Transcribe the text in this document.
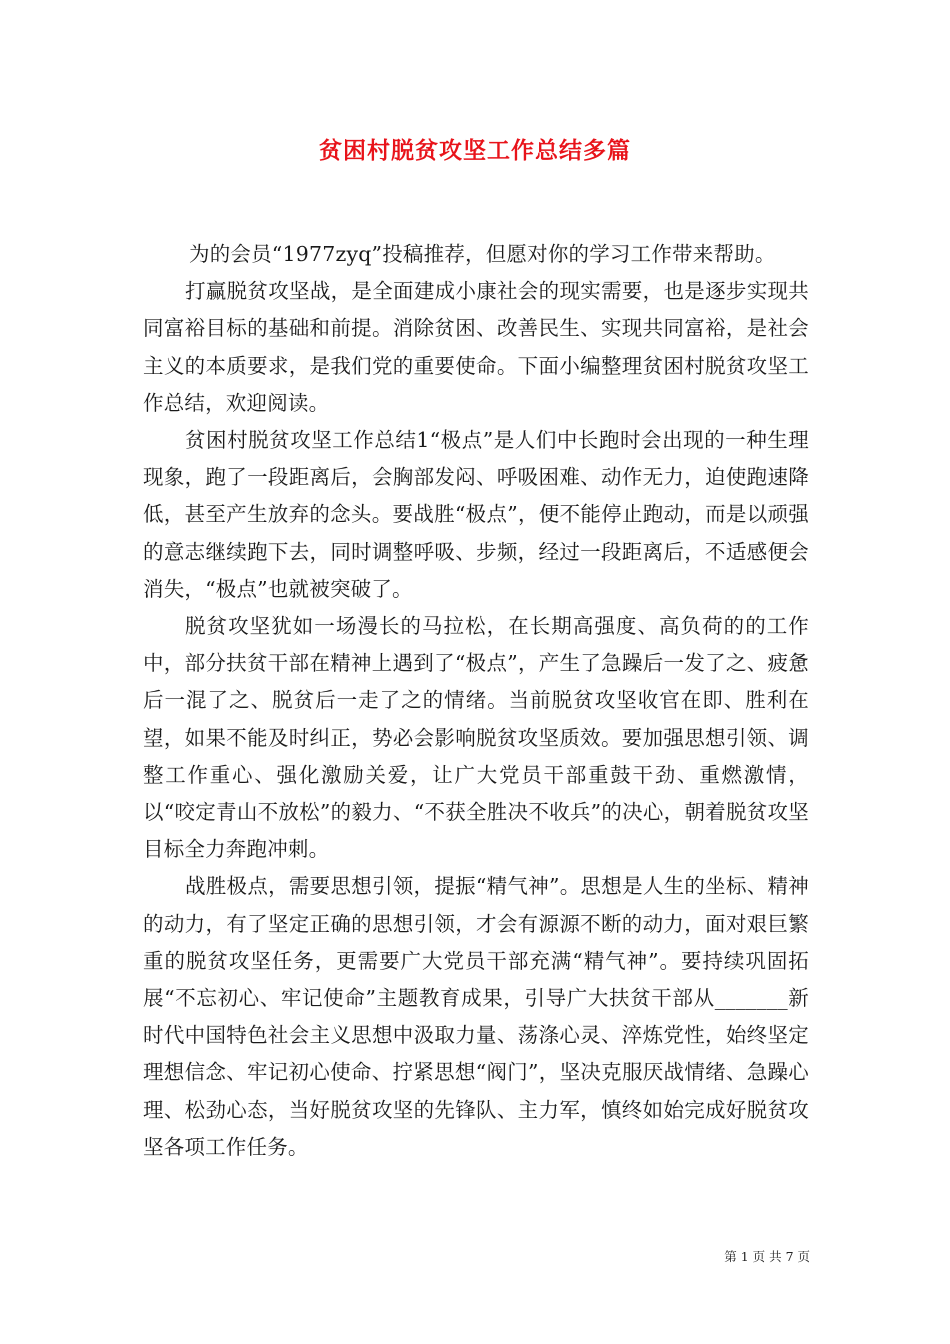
贫困村脱贫攻坚工作总结多篇

为的会员“1977zyq”投稿推荐，但愿对你的学习工作带来帮助。

打赢脱贫攻坚战，是全面建成小康社会的现实需要，也是逐步实现共同富裕目标的基础和前提。消除贫困、改善民生、实现共同富裕，是社会主义的本质要求，是我们党的重要使命。下面小编整理贫困村脱贫攻坚工作总结，欢迎阅读。

贫困村脱贫攻坚工作总结1“极点”是人们中长跑时会出现的一种生理现象，跑了一段距离后，会胸部发闷、呼吸困难、动作无力，迫使跑速降低，甚至产生放弃的念头。要战胜“极点”，便不能停止跑动，而是以顽强的意志继续跑下去，同时调整呼吸、步频，经过一段距离后，不适感便会消失，“极点”也就被突破了。

脱贫攻坚犹如一场漫长的马拉松，在长期高强度、高负荷的的工作中，部分扶贫干部在精神上遇到了“极点”，产生了急躁后一发了之、疲惫后一混了之、脱贫后一走了之的情绪。当前脱贫攻坚收官在即、胜利在望，如果不能及时纠正，势必会影响脱贫攻坚质效。要加强思想引领、调整工作重心、强化激励关爱，让广大党员干部重鼓干劲、重燃激情，以“咬定青山不放松”的毅力、“不获全胜决不收兵”的决心，朝着脱贫攻坚目标全力奔跑冲刺。

战胜极点，需要思想引领，提振“精气神”。思想是人生的坐标、精神的动力，有了坚定正确的思想引领，才会有源源不断的动力，面对艰巨繁重的脱贫攻坚任务，更需要广大党员干部充满“精气神”。要持续巩固拓展“不忘初心、牢记使命”主题教育成果，引导广大扶贫干部从_______新时代中国特色社会主义思想中汲取力量、荡涤心灵、淬炼党性，始终坚定理想信念、牢记初心使命、拧紧思想“阀门”，坚决克服厌战情绪、急躁心理、松劲心态，当好脱贫攻坚的先锋队、主力军，慎终如始完成好脱贫攻坚各项工作任务。

第 1 页 共 7 页
